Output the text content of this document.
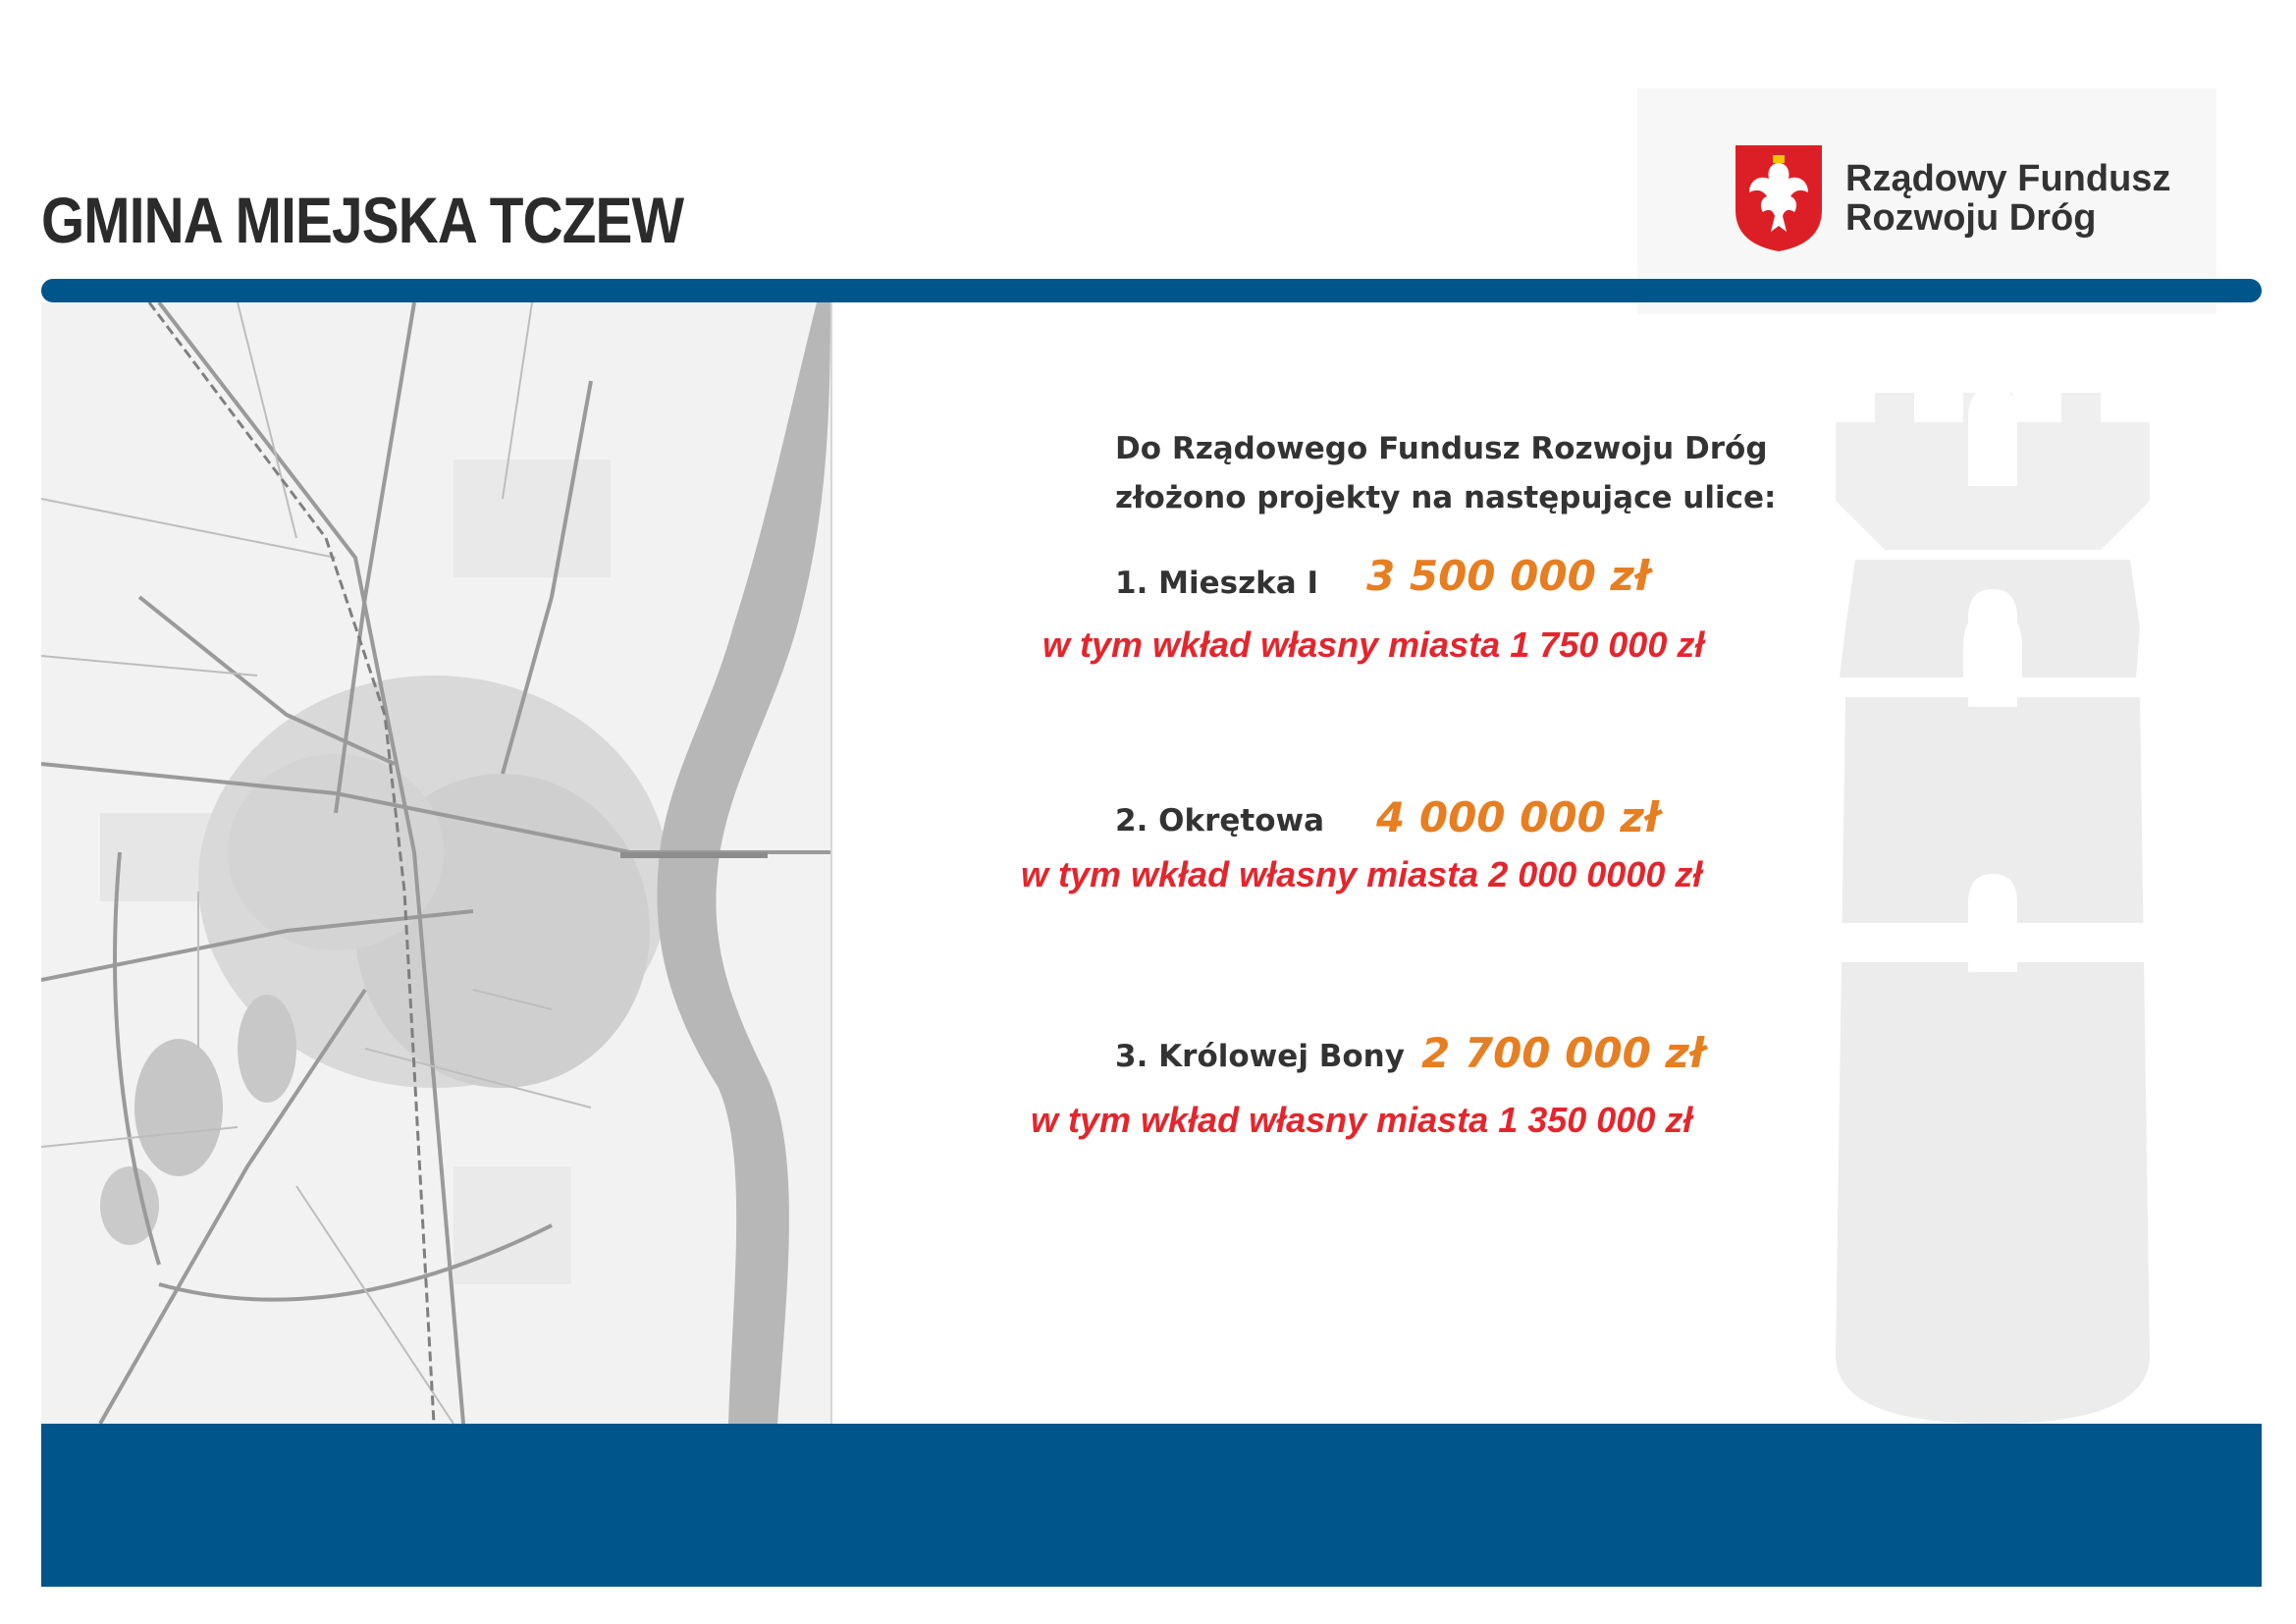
GMINA MIEJSKA TCZEW
Rządowy Fundusz
Rozwoju Dróg
Do Rządowego Fundusz Rozwoju Dróg
złożono projekty na następujące ulice:
1. Mieszka I 3 500 000 zł
w tym wkład własny miasta 1 750 000 zł
2. Okrętowa 4 000 000 zł
w tym wkład własny miasta 2 000 0000 zł
3. Królowej Bony 2 700 000 zł
w tym wkład własny miasta 1 350 000 zł
